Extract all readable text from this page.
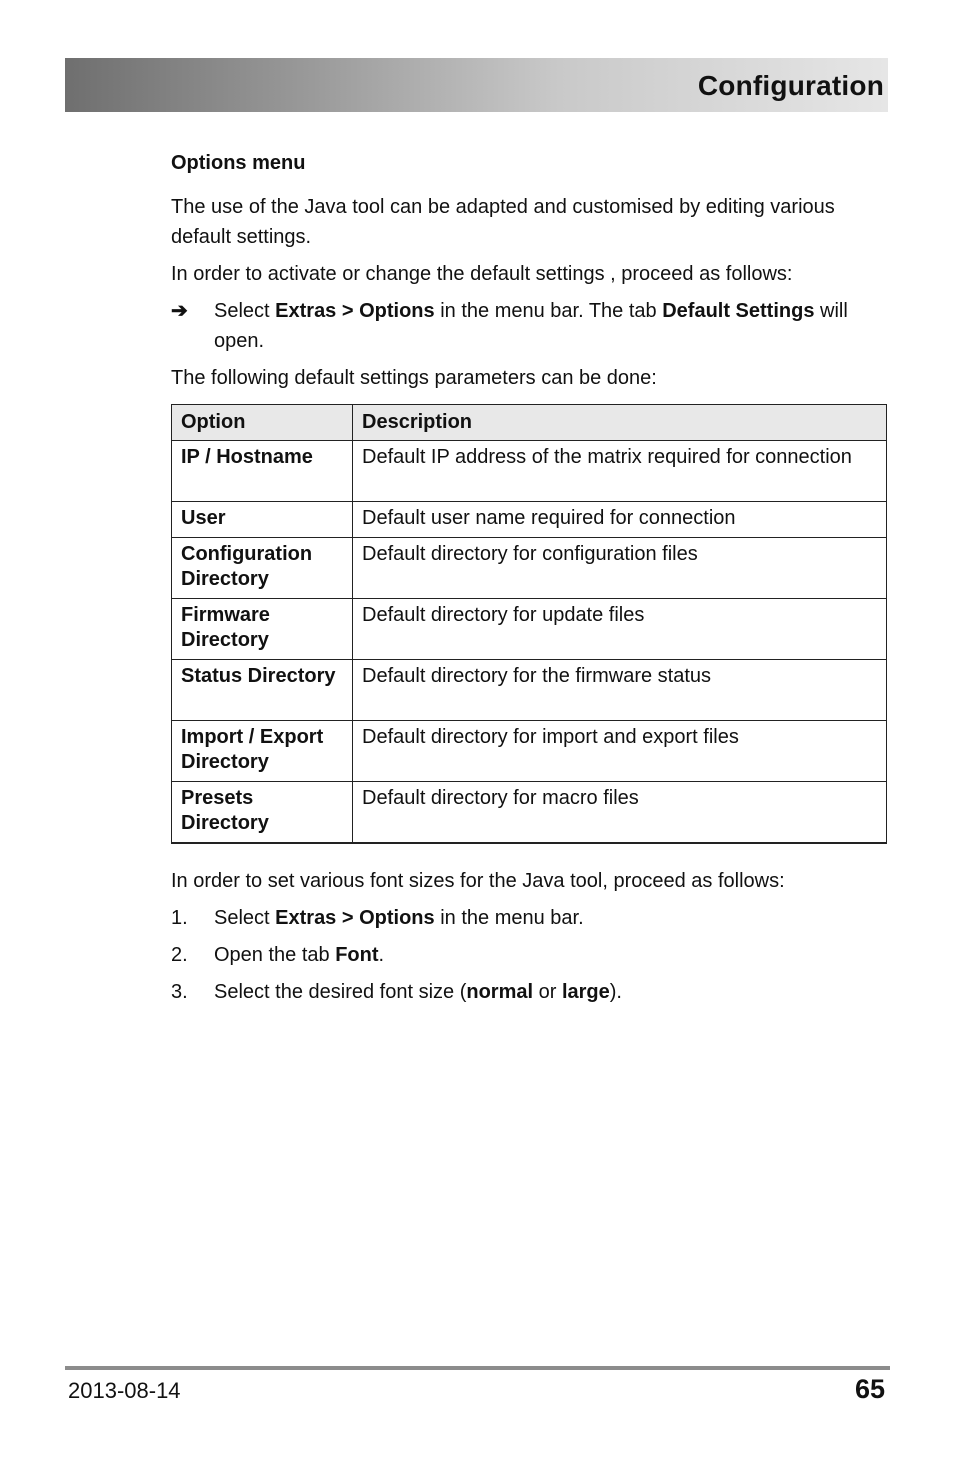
Configuration
Options menu

The use of the Java tool can be adapted and customised by editing various default settings.

In order to activate or change the default settings , proceed as follows:

➔	Select Extras > Options in the menu bar. The tab Default Settings will open.

The following default settings parameters can be done:

Option	Description
IP / Hostname	Default IP address of the matrix required for connection
User	Default user name required for connection
Configuration Directory	Default directory for configuration files
Firmware Directory	Default directory for update files
Status Directory	Default directory for the firmware status
Import / Export Directory	Default directory for import and export files
Presets Directory	Default directory for macro files

In order to set various font sizes for the Java tool, proceed as follows:

1.	Select Extras > Options in the menu bar.
2.	Open the tab Font.
3.	Select the desired font size (normal or large).
2013-08-14	65
